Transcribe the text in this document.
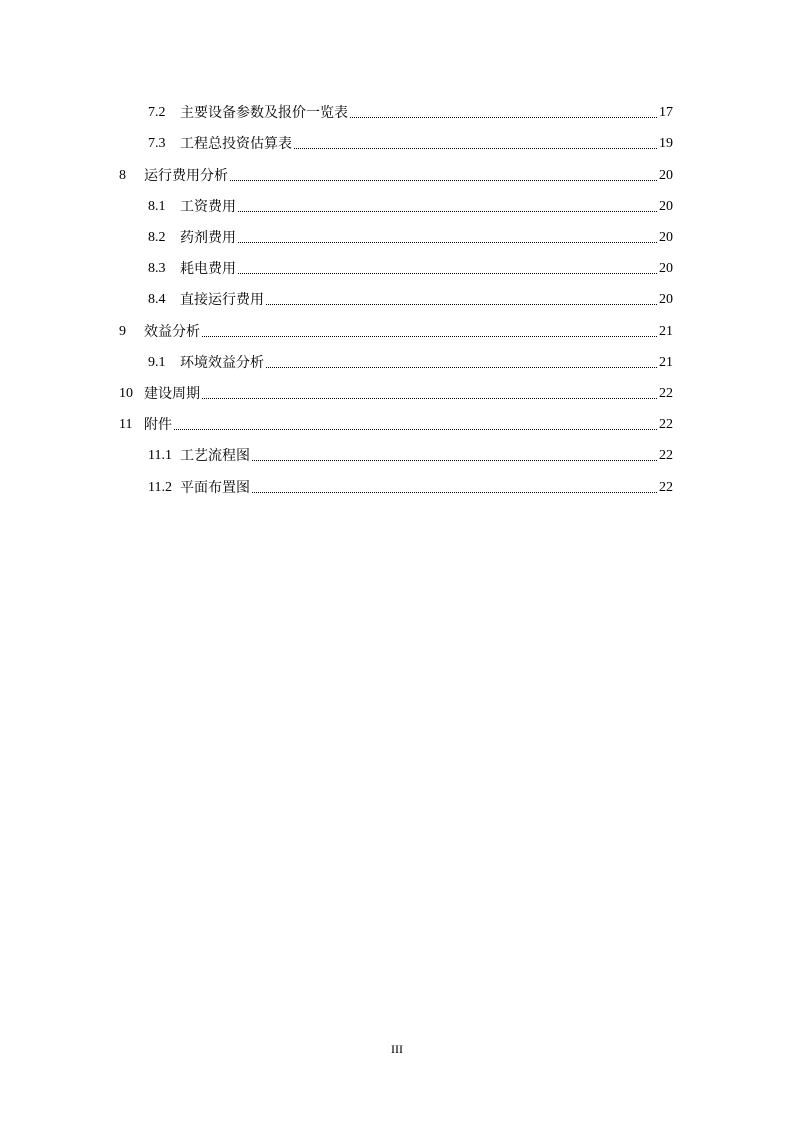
7.2	主要设备参数及报价一览表	17
7.3	工程总投资估算表	19
8	运行费用分析	20
8.1	工资费用	20
8.2	药剂费用	20
8.3	耗电费用	20
8.4	直接运行费用	20
9	效益分析	21
9.1	环境效益分析	21
10 建设周期	22
11 附件	22
11.1 工艺流程图	22
11.2 平面布置图	22
III
